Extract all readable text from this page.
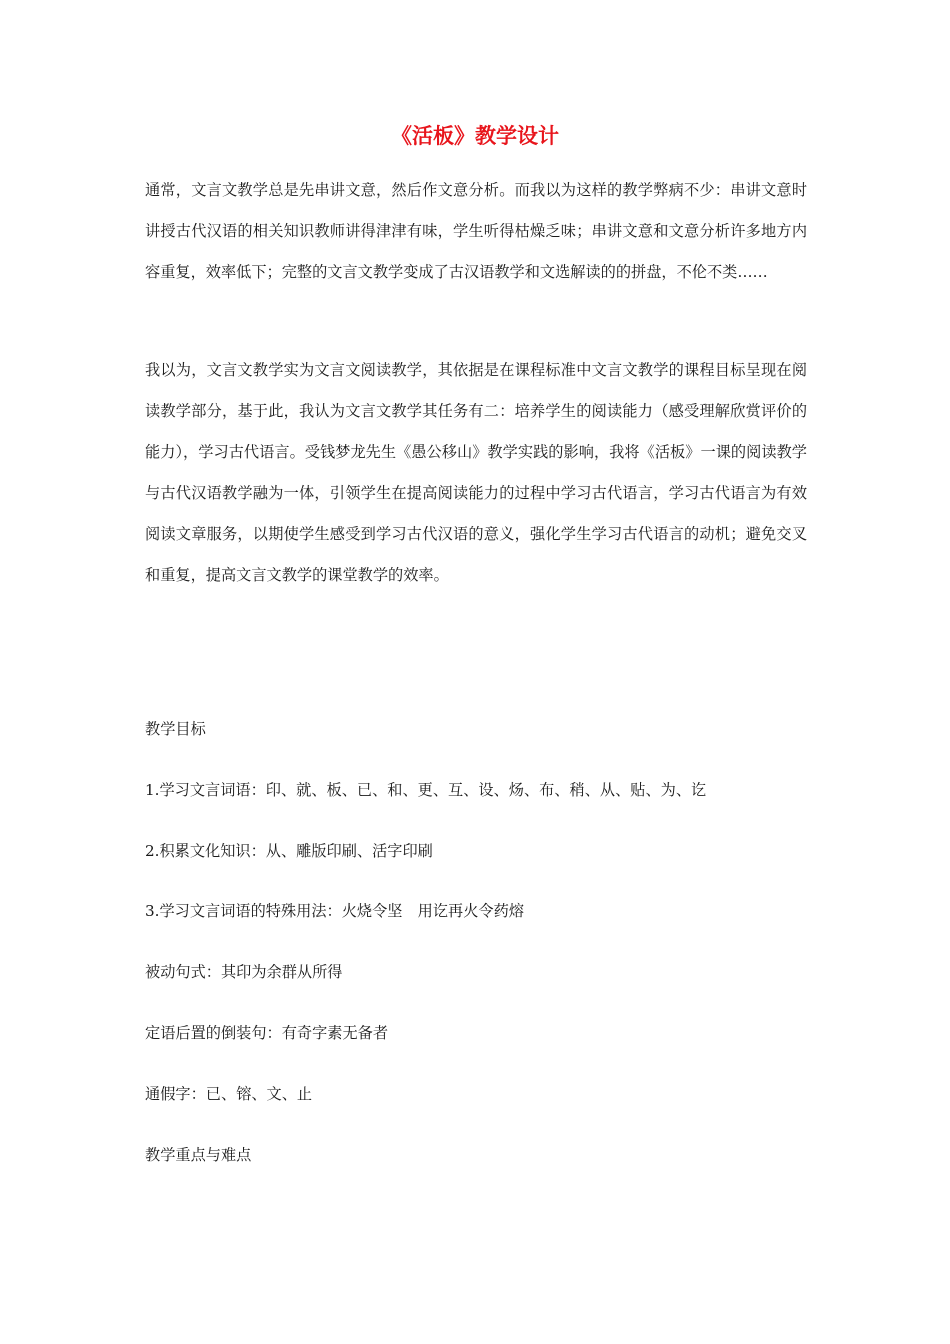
《活板》教学设计

通常，文言文教学总是先串讲文意，然后作文意分析。而我以为这样的教学弊病不少：串讲文意时讲授古代汉语的相关知识教师讲得津津有味，学生听得枯燥乏味；串讲文意和文意分析许多地方内容重复，效率低下；完整的文言文教学变成了古汉语教学和文选解读的的拼盘，不伦不类……

我以为，文言文教学实为文言文阅读教学，其依据是在课程标准中文言文教学的课程目标呈现在阅读教学部分，基于此，我认为文言文教学其任务有二：培养学生的阅读能力（感受理解欣赏评价的能力），学习古代语言。受钱梦龙先生《愚公移山》教学实践的影响，我将《活板》一课的阅读教学与古代汉语教学融为一体，引领学生在提高阅读能力的过程中学习古代语言，学习古代语言为有效阅读文章服务，以期使学生感受到学习古代汉语的意义，强化学生学习古代语言的动机；避免交叉和重复，提高文言文教学的课堂教学的效率。

教学目标

1.学习文言词语：印、就、板、已、和、更、互、设、炀、布、稍、从、贴、为、讫

2.积累文化知识：从、雕版印刷、活字印刷

3.学习文言词语的特殊用法：火烧令坚　用讫再火令药熔

被动句式：其印为余群从所得

定语后置的倒装句：有奇字素无备者

通假字：已、镕、文、止

教学重点与难点
